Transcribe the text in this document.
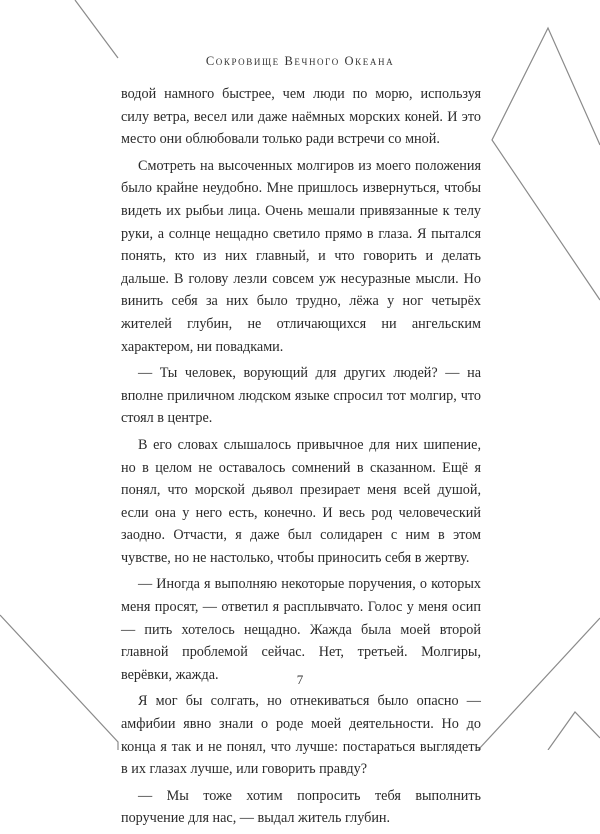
Сокровище Вечного Океана

водой намного быстрее, чем люди по морю, используя силу ветра, весел или даже наёмных морских коней. И это место они облюбовали только ради встречи со мной.

Смотреть на высоченных молгиров из моего положения было крайне неудобно. Мне пришлось извернуться, чтобы видеть их рыбьи лица. Очень мешали привязанные к телу руки, а солнце нещадно светило прямо в глаза. Я пытался понять, кто из них главный, и что говорить и делать дальше. В голову лезли совсем уж несуразные мысли. Но винить себя за них было трудно, лёжа у ног четырёх жителей глубин, не отличающихся ни ангельским характером, ни повадками.

— Ты человек, ворующий для других людей? — на вполне приличном людском языке спросил тот молгир, что стоял в центре.

В его словах слышалось привычное для них шипение, но в целом не оставалось сомнений в сказанном. Ещё я понял, что морской дьявол презирает меня всей душой, если она у него есть, конечно. И весь род человеческий заодно. Отчасти, я даже был солидарен с ним в этом чувстве, но не настолько, чтобы приносить себя в жертву.

— Иногда я выполняю некоторые поручения, о которых меня просят, — ответил я расплывчато. Голос у меня осип — пить хотелось нещадно. Жажда была моей второй главной проблемой сейчас. Нет, третьей. Молгиры, верёвки, жажда.

Я мог бы солгать, но отнекиваться было опасно — амфибии явно знали о роде моей деятельности. Но до конца я так и не понял, что лучше: постараться выглядеть в их глазах лучше, или говорить правду?

— Мы тоже хотим попросить тебя выполнить поручение для нас, — выдал житель глубин.

7
